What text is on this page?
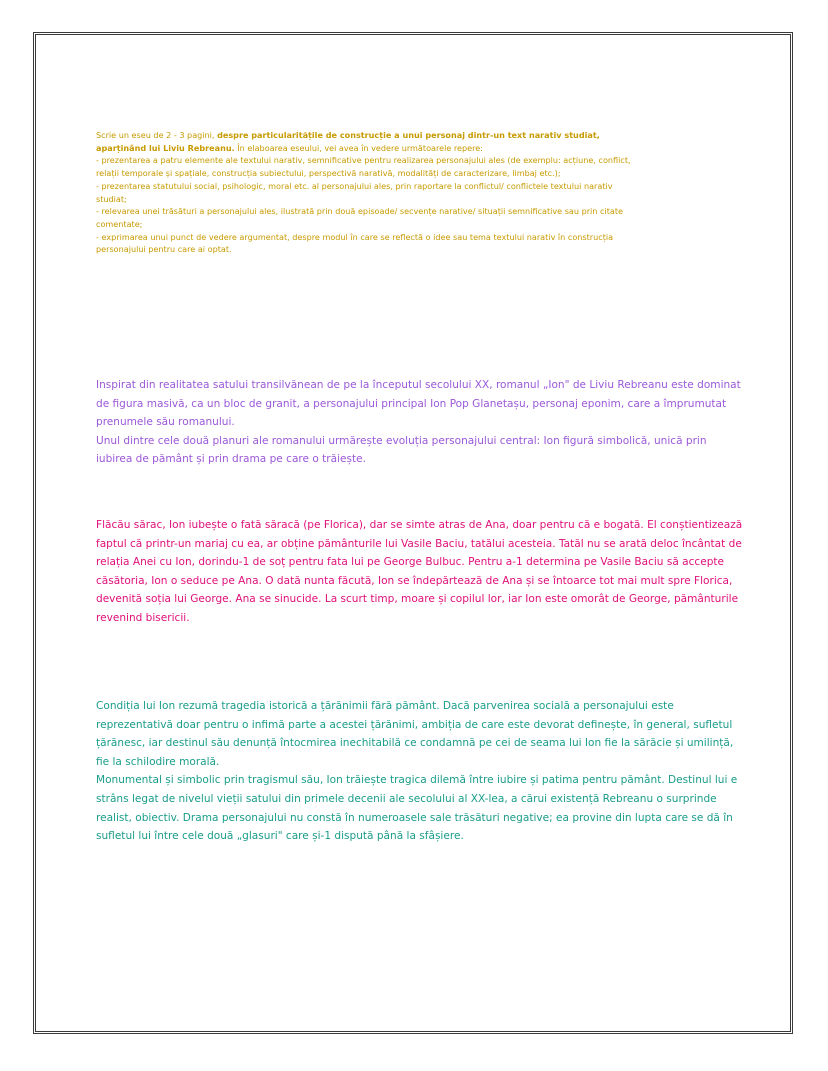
Scrie un eseu de 2 - 3 pagini, despre particularitățile de construcție a unui personaj dintr-un text narativ studiat, aparținând lui Liviu Rebreanu. În elaboarea eseului, vei avea în vedere următoarele repere:

- prezentarea a patru elemente ale textului narativ, semnificative pentru realizarea personajului ales (de exemplu: acțiune, conflict, relații temporale și spațiale, construcția subiectului, perspectivă narativă, modalități de caracterizare, limbaj etc.);

- prezentarea statutului social, psihologic, moral etc. al personajului ales, prin raportare la conflictul/ conflictele textului narativ studiat;

- relevarea unei trăsături a personajului ales, ilustrată prin două episoade/ secvențe narative/ situații semnificative sau prin citate comentate;

- exprimarea unui punct de vedere argumentat, despre modul în care se reflectă o idee sau tema textului narativ în construcția personajului pentru care ai optat.

Inspirat din realitatea satului transilvănean de pe la începutul secolului XX, romanul „Ion" de Liviu Rebreanu este dominat de figura masivă, ca un bloc de granit, a personajului principal Ion Pop Glanetașu, personaj eponim, care a împrumutat prenumele său romanului.

Unul dintre cele două planuri ale romanului urmărește evoluția personajului central: Ion figură simbolică, unică prin iubirea de pământ și prin drama pe care o trăiește.

Flăcău sărac, Ion iubește o fată săracă (pe Florica), dar se simte atras de Ana, doar pentru că e bogată. El conștientizează faptul că printr-un mariaj cu ea, ar obține pământurile lui Vasile Baciu, tatălui acesteia. Tatăl nu se arată deloc încântat de relația Anei cu Ion, dorindu-1 de soț pentru fata lui pe George Bulbuc. Pentru a-1 determina pe Vasile Baciu să accepte căsătoria, Ion o seduce pe Ana. O dată nunta făcută, Ion se îndepărtează de Ana și se întoarce tot mai mult spre Florica, devenită soția lui George. Ana se sinucide. La scurt timp, moare și copilul lor, iar Ion este omorât de George, pământurile revenind bisericii.

Condiția lui Ion rezumă tragedia istorică a țărănimii fără pământ. Dacă parvenirea socială a personajului este reprezentativă doar pentru o infimă parte a acestei țărănimi, ambiția de care este devorat definește, în general, sufletul țărănesc, iar destinul său denunță întocmirea inechitabilă ce condamnă pe cei de seama lui Ion fie la sărăcie și umilință, fie la schilodire morală.

Monumental și simbolic prin tragismul său, Ion trăiește tragica dilemă între iubire și patima pentru pământ. Destinul lui e strâns legat de nivelul vieții satului din primele decenii ale secolului al XX-lea, a cărui existență Rebreanu o surprinde realist, obiectiv. Drama personajului nu constă în numeroasele sale trăsături negative; ea provine din lupta care se dă în sufletul lui între cele două „glasuri" care și-1 dispută până la sfâșiere.
